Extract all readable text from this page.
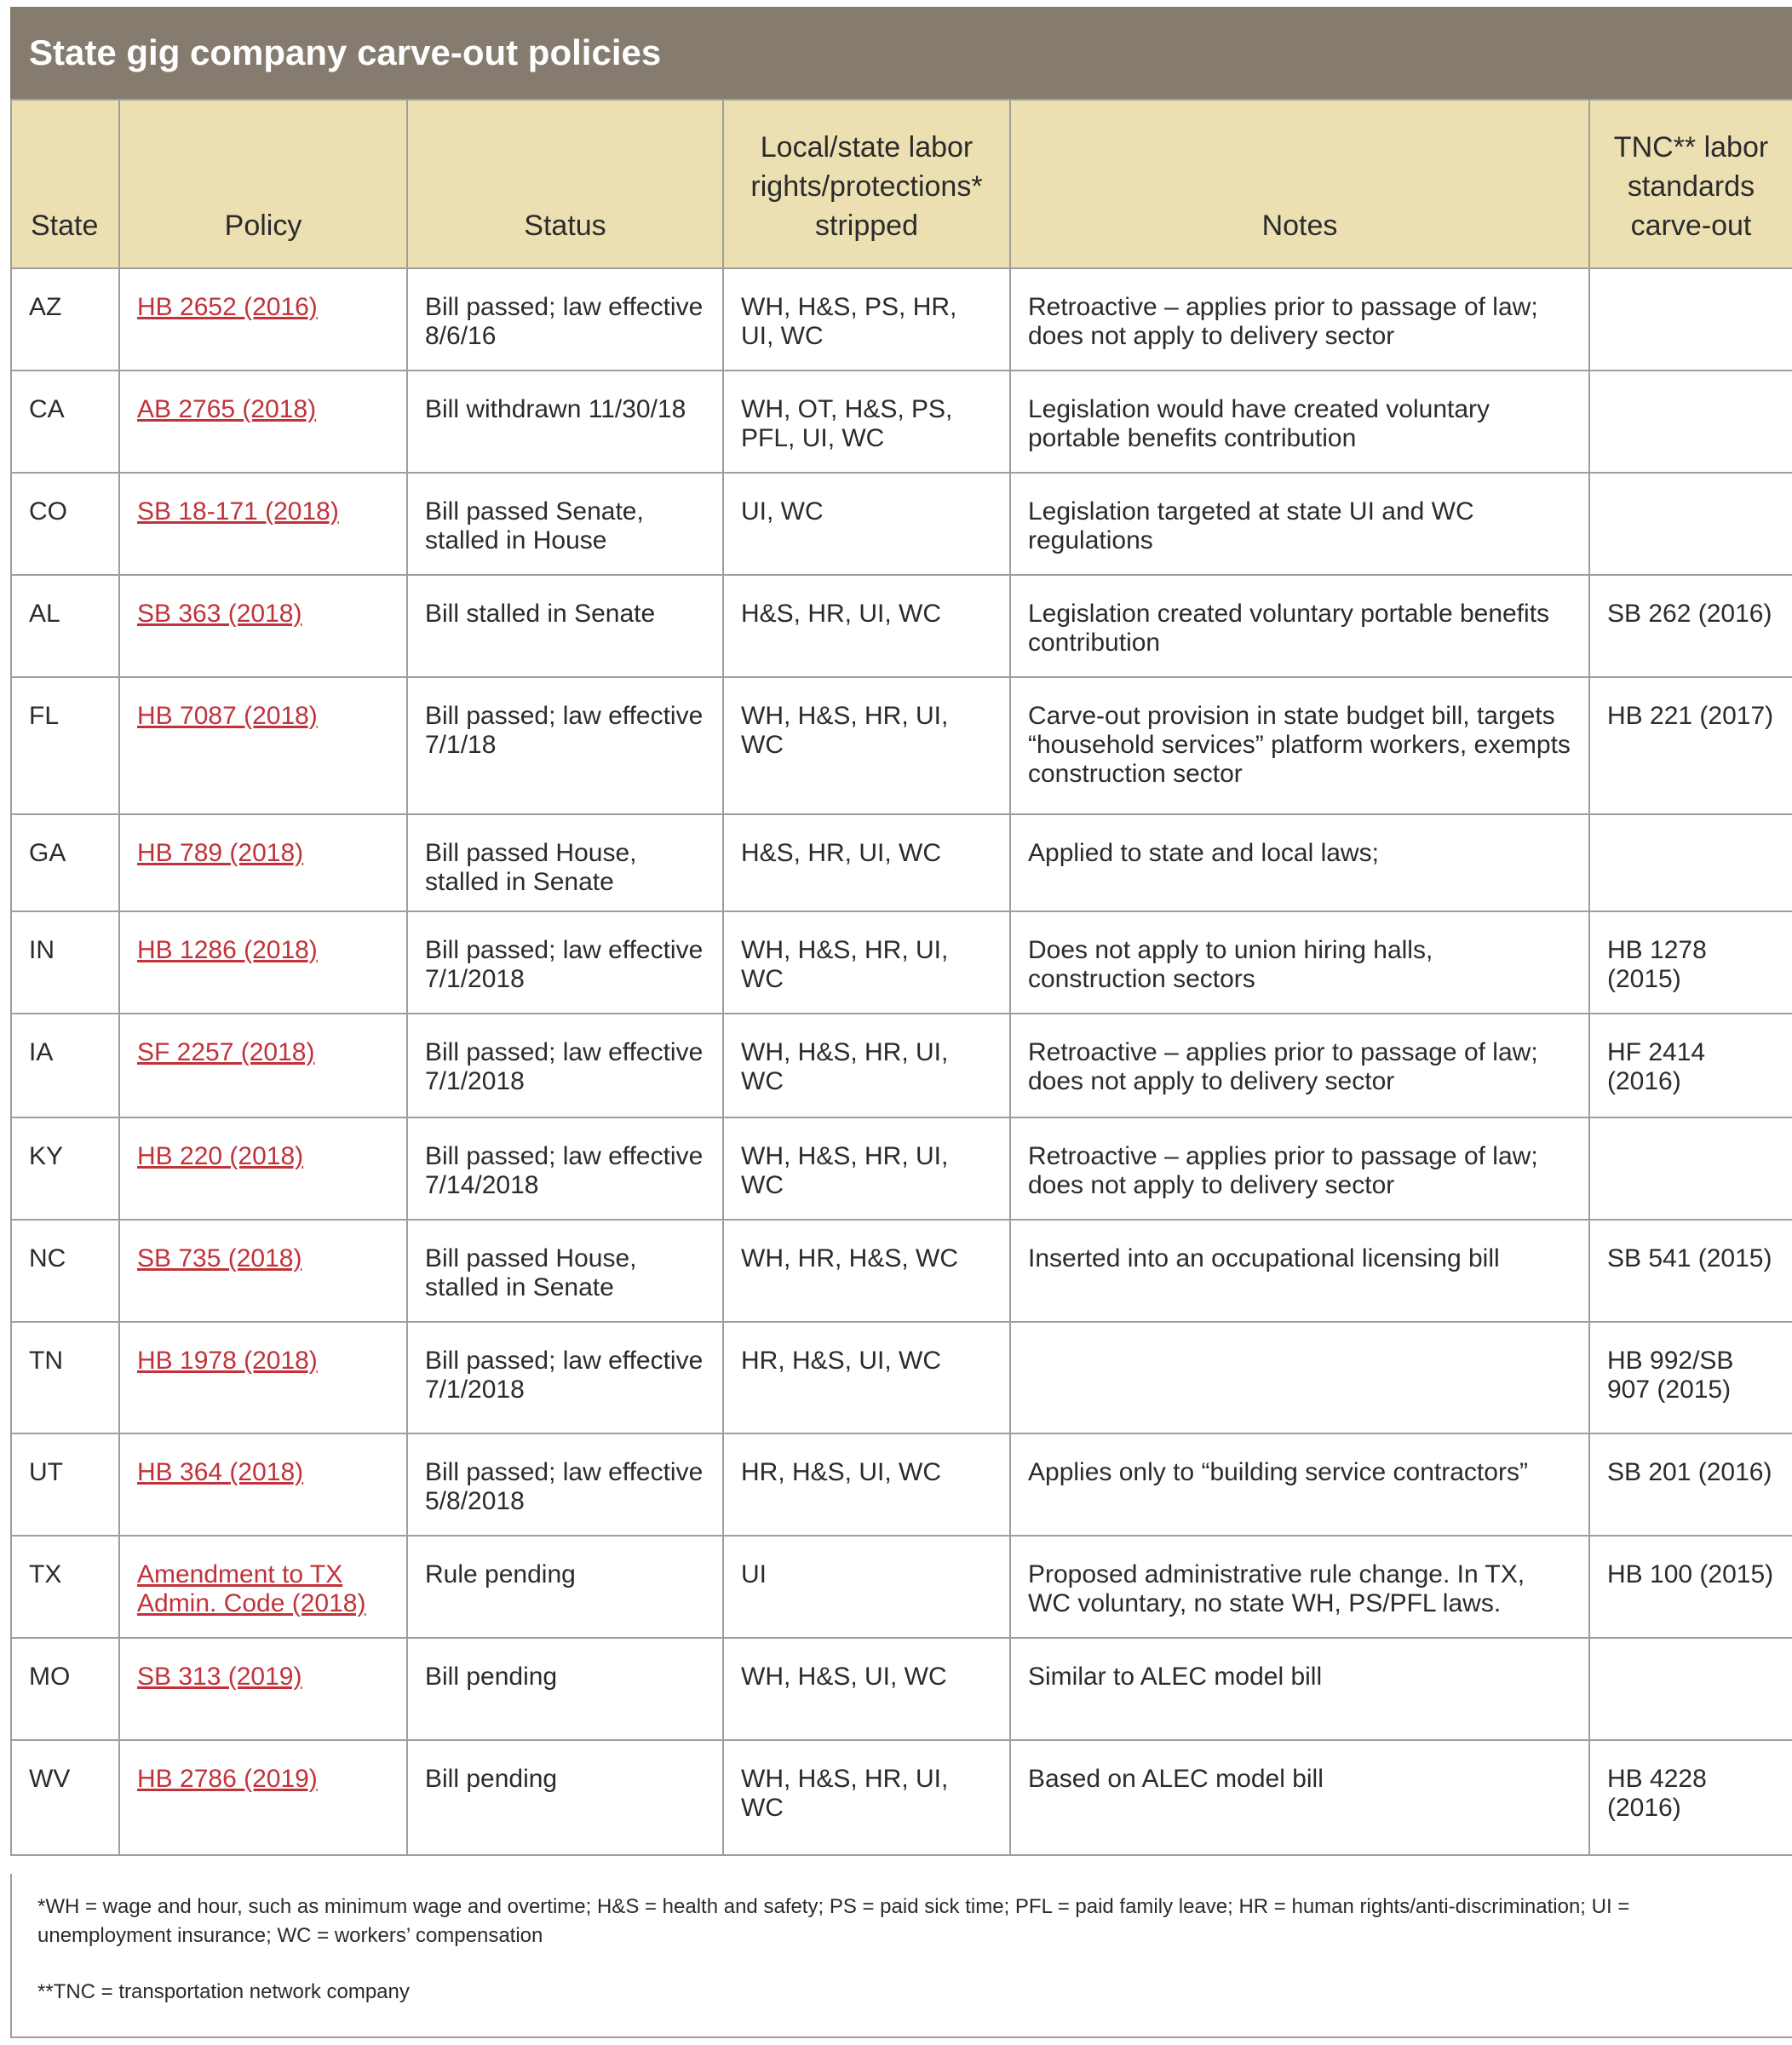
State gig company carve-out policies
State	Policy	Status	Local/state labor rights/protections* stripped	Notes	TNC** labor standards carve-out
AZ	HB 2652 (2016)	Bill passed; law effective 8/6/16	WH, H&S, PS, HR, UI, WC	Retroactive – applies prior to passage of law; does not apply to delivery sector	
CA	AB 2765 (2018)	Bill withdrawn 11/30/18	WH, OT, H&S, PS, PFL, UI, WC	Legislation would have created voluntary portable benefits contribution	
CO	SB 18-171 (2018)	Bill passed Senate, stalled in House	UI, WC	Legislation targeted at state UI and WC regulations	
AL	SB 363 (2018)	Bill stalled in Senate	H&S, HR, UI, WC	Legislation created voluntary portable benefits contribution	SB 262 (2016)
FL	HB 7087 (2018)	Bill passed; law effective 7/1/18	WH, H&S, HR, UI, WC	Carve-out provision in state budget bill, targets “household services” platform workers, exempts construction sector	HB 221 (2017)
GA	HB 789 (2018)	Bill passed House, stalled in Senate	H&S, HR, UI, WC	Applied to state and local laws;	
IN	HB 1286 (2018)	Bill passed; law effective 7/1/2018	WH, H&S, HR, UI, WC	Does not apply to union hiring halls, construction sectors	HB 1278 (2015)
IA	SF 2257 (2018)	Bill passed; law effective 7/1/2018	WH, H&S, HR, UI, WC	Retroactive – applies prior to passage of law; does not apply to delivery sector	HF 2414 (2016)
KY	HB 220 (2018)	Bill passed; law effective 7/14/2018	WH, H&S, HR, UI, WC	Retroactive – applies prior to passage of law; does not apply to delivery sector	
NC	SB 735 (2018)	Bill passed House, stalled in Senate	WH, HR, H&S, WC	Inserted into an occupational licensing bill	SB 541 (2015)
TN	HB 1978 (2018)	Bill passed; law effective 7/1/2018	HR, H&S, UI, WC		HB 992/SB 907 (2015)
UT	HB 364 (2018)	Bill passed; law effective 5/8/2018	HR, H&S, UI, WC	Applies only to “building service contractors”	SB 201 (2016)
TX	Amendment to TX Admin. Code (2018)	Rule pending	UI	Proposed administrative rule change. In TX, WC voluntary, no state WH, PS/PFL laws.	HB 100 (2015)
MO	SB 313 (2019)	Bill pending	WH, H&S, UI, WC	Similar to ALEC model bill	
WV	HB 2786 (2019)	Bill pending	WH, H&S, HR, UI, WC	Based on ALEC model bill	HB 4228 (2016)

*WH = wage and hour, such as minimum wage and overtime; H&S = health and safety; PS = paid sick time; PFL = paid family leave; HR = human rights/anti-discrimination; UI = unemployment insurance; WC = workers’ compensation

**TNC = transportation network company
